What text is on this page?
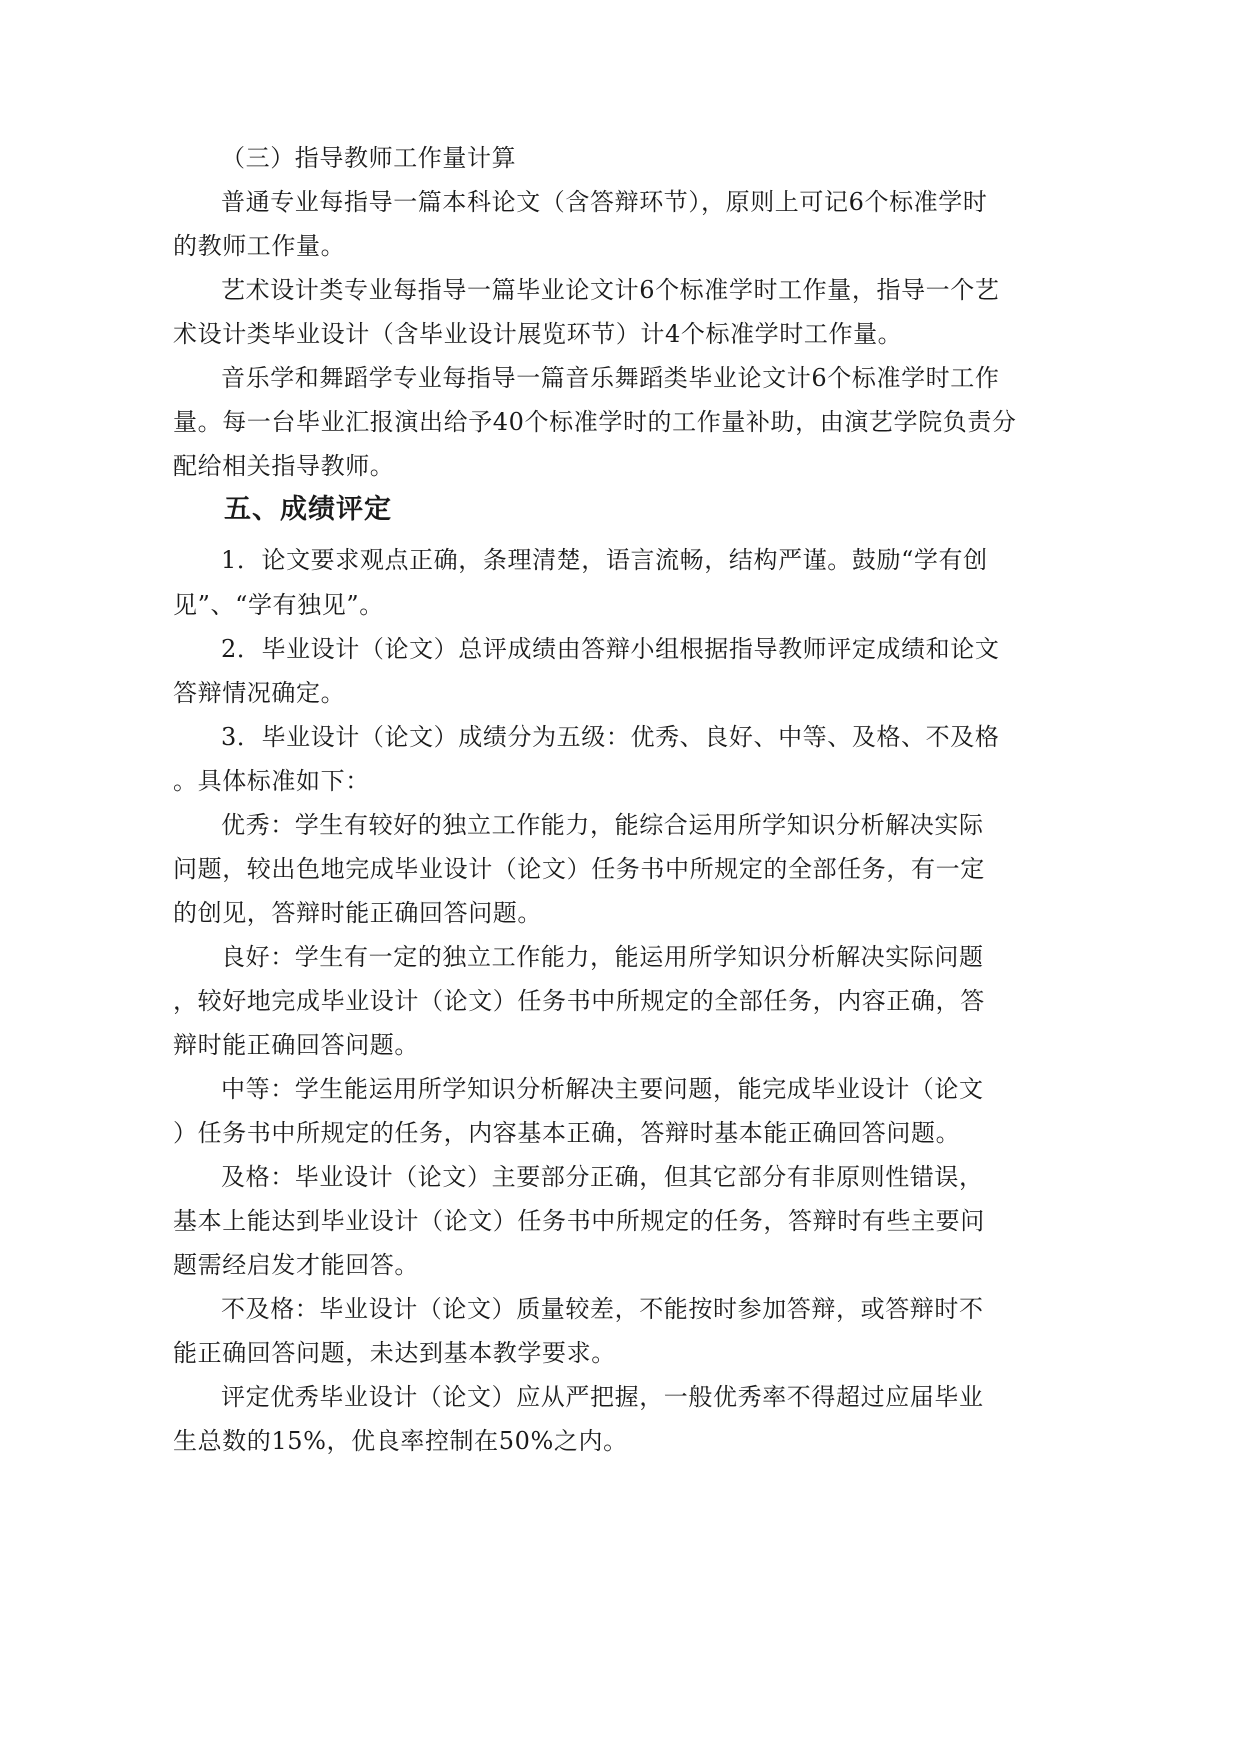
（三）指导教师工作量计算
普通专业每指导一篇本科论文（含答辩环节），原则上可记6个标准学时
的教师工作量。
艺术设计类专业每指导一篇毕业论文计6个标准学时工作量，指导一个艺
术设计类毕业设计（含毕业设计展览环节）计4个标准学时工作量。
音乐学和舞蹈学专业每指导一篇音乐舞蹈类毕业论文计6个标准学时工作
量。每一台毕业汇报演出给予40个标准学时的工作量补助，由演艺学院负责分
配给相关指导教师。
五、成绩评定
1．论文要求观点正确，条理清楚，语言流畅，结构严谨。鼓励“学有创
见”、“学有独见”。
2．毕业设计（论文）总评成绩由答辩小组根据指导教师评定成绩和论文
答辩情况确定。
3．毕业设计（论文）成绩分为五级：优秀、良好、中等、及格、不及格
。具体标准如下：
优秀：学生有较好的独立工作能力，能综合运用所学知识分析解决实际
问题，较出色地完成毕业设计（论文）任务书中所规定的全部任务，有一定
的创见，答辩时能正确回答问题。
良好：学生有一定的独立工作能力，能运用所学知识分析解决实际问题
，较好地完成毕业设计（论文）任务书中所规定的全部任务，内容正确，答
辩时能正确回答问题。
中等：学生能运用所学知识分析解决主要问题，能完成毕业设计（论文
）任务书中所规定的任务，内容基本正确，答辩时基本能正确回答问题。
及格：毕业设计（论文）主要部分正确，但其它部分有非原则性错误，
基本上能达到毕业设计（论文）任务书中所规定的任务，答辩时有些主要问
题需经启发才能回答。
不及格：毕业设计（论文）质量较差，不能按时参加答辩，或答辩时不
能正确回答问题，未达到基本教学要求。
评定优秀毕业设计（论文）应从严把握，一般优秀率不得超过应届毕业
生总数的15%，优良率控制在50%之内。
